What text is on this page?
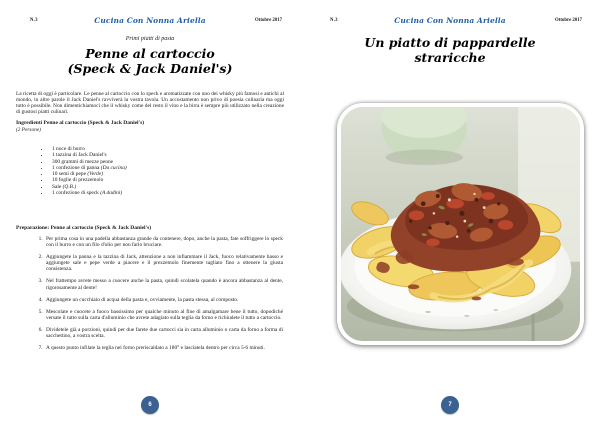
N.3	Cucina Con Nonna Ariella	Ottobre 2017
Primi piatti di pasta
Penne al cartoccio
(Speck & Jack Daniel's)

La ricetta di oggi è particolare. Le penne al cartoccio con lo speck e aromatizzate con uno dei whisky più famosi e antichi al mondo, in altre parole il Jack Daniel's ravviverà la vostra tavola. Un accostamento non privo di poesia culinaria ma oggi tutto è possibile. Non dimentichiamoci che il whisky come del resto il vino e la birra è sempre più utilizzato nella creazione di gustosi piatti culinari.

Ingredienti Penne al cartoccio (Speck & Jack Daniel's)
(2 Persone)
• 1 noce di burro
• 1 tazzina di Jack Daniel's
• 300 grammi di mezze penne
• 1 confezione di panna (Da cucina)
• 10 semi di pepe (Verde)
• 10 foglie di prezzemolo
• Sale (Q.B.)
• 1 confezione di speck (A dadini)
Preparazione: Penne al cartoccio (Speck & Jack Daniel's)
1. Per prima cosa in una padella abbastanza grande da contenere, dopo, anche la pasta, fate soffriggere lo speck con il burro e con un filo d'olio per non farlo bruciare.
2. Aggiungete la panna e la tazzina di Jack, attenzione a non infiammare il Jack, fuoco relativamente basso e aggiungete sale e pepe verde a piacere e il prezzemolo finemente tagliato fino a ottenere la giusta consistenza.
3. Nel frattempo avrete messo a cuocere anche la pasta, quindi scolatela quando è ancora abbastanza al dente, rigorosamente al dente!
4. Aggiungete un cucchiaio di acqua della pasta e, ovviamente, la pasta stessa, al composto.
5. Mescolate e cuocete a fuoco bassissimo per qualche minuto al fine di amalgamare bene il tutto, dopodiché versate il tutto sulla carta d'alluminio che avrete adagiato sulla teglia da forno e richiudete il tutto a cartoccio.
6. Dividetele già a porzioni, quindi per due farete due cartocci sia in carta alluminio o carta da forno a forma di sacchettino, a vostra scelta.
7. A questo punto infilate la teglia nel forno preriscaldato a 180° e lasciatela dentro per circa 5-6 minuti.
6
N.3	Cucina Con Nonna Ariella	Ottobre 2017
Un piatto di pappardelle
straricche
7
